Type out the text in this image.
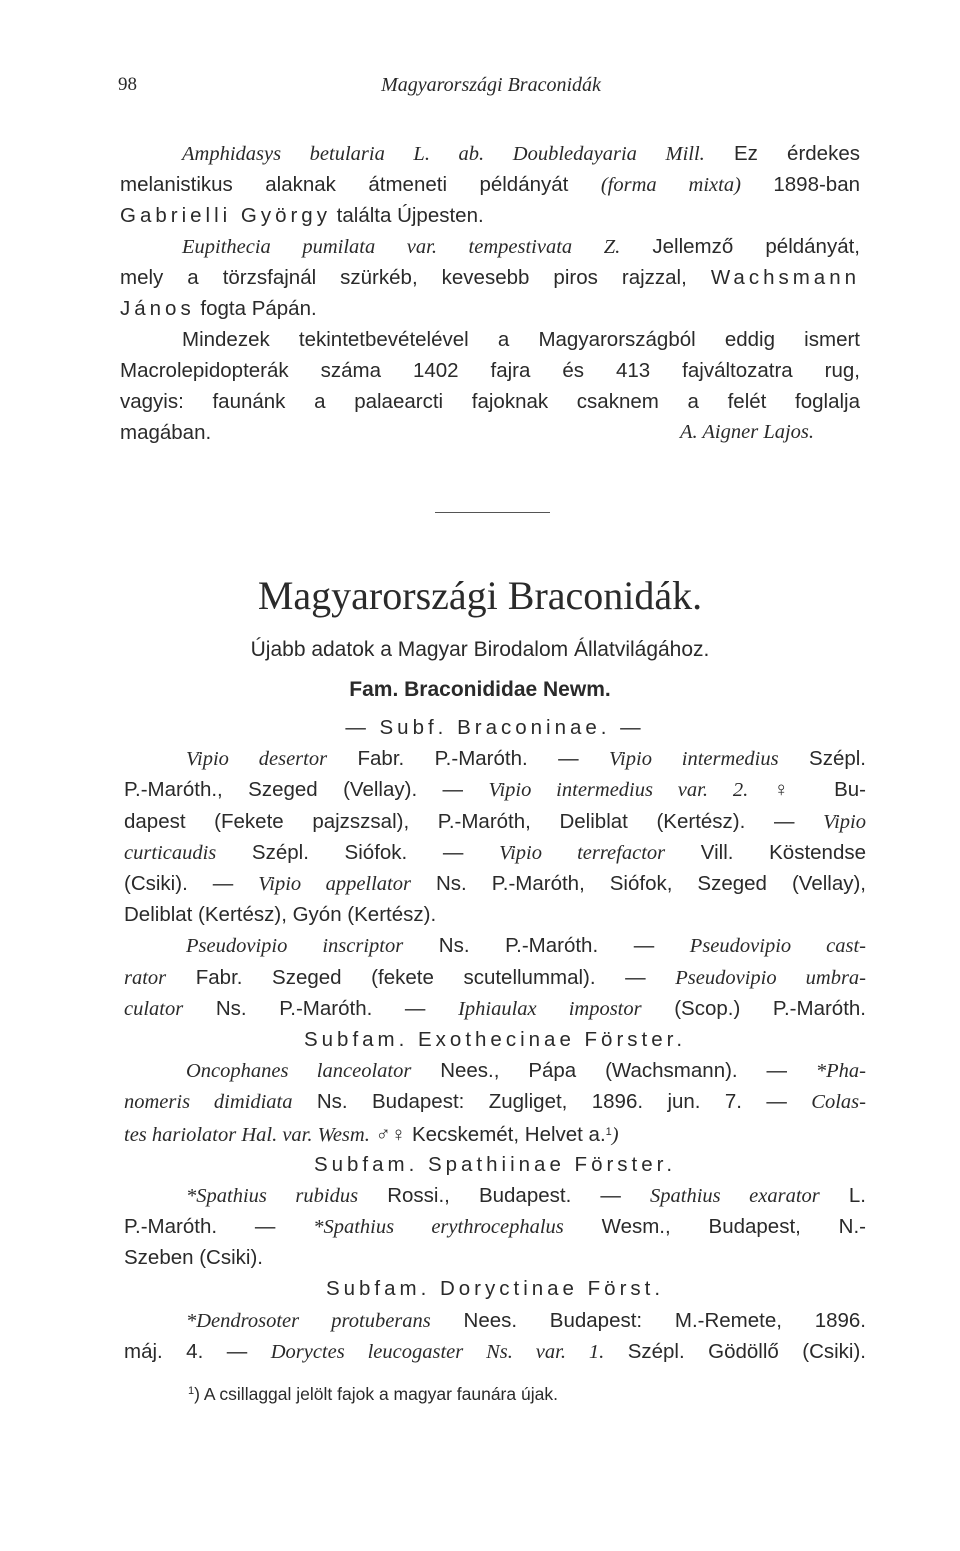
98	Magyarországi Braconidák
Amphidasys betularia L. ab. Doubledayaria Mill. Ez érdekes
melanistikus alaknak átmeneti példányát (forma mixta) 1898-ban
Gabrielli György találta Újpesten.
Eupithecia pumilata var. tempestivata Z. Jellemző példányát,
mely a törzsfajnál szürkéb, kevesebb piros rajzzal, Wachsmann
János fogta Pápán.
Mindezek tekintetbevételével a Magyarországból eddig ismert
Macrolepidopterák száma 1402 fajra és 413 fajváltozatra rug,
vagyis: faunánk a palaearcti fajoknak csaknem a felét foglalja
magában.	A. Aigner Lajos.
Magyarországi Braconidák.
Újabb adatok a Magyar Birodalom Állatvilágához.
Fam. Braconididae Newm.
— Subf. Braconinae. —
Vipio desertor Fabr. P.-Maróth. — Vipio intermedius Szépl.
P.-Maróth., Szeged (Vellay). — Vipio intermedius var. 2. ♀ Bu-
dapest (Fekete pajzszsal), P.-Maróth, Deliblat (Kertész). — Vipio
curticaudis Szépl. Siófok. — Vipio terrefactor Vill. Köstendse
(Csiki). — Vipio appellator Ns. P.-Maróth, Siófok, Szeged (Vellay),
Deliblat (Kertész), Gyón (Kertész).
Pseudovipio inscriptor Ns. P.-Maróth. — Pseudovipio cast-
rator Fabr. Szeged (fekete scutellummal). — Pseudovipio umbra-
culator Ns. P.-Maróth. — Iphiaulax impostor (Scop.) P.-Maróth.
Subfam. Exothecinae Förster.
Oncophanes lanceolator Nees., Pápa (Wachsmann). — *Pha-
nomeris dimidiata Ns. Budapest: Zugliget, 1896. jun. 7. — Colas-
tes hariolator Hal. var. Wesm. ♂♀ Kecskemét, Helvet a.$^1$)
Subfam. Spathiinae Förster.
*Spathius rubidus Rossi., Budapest. — Spathius exarator L.
P.-Maróth. — *Spathius erythrocephalus Wesm., Budapest, N.-
Szeben (Csiki).
Subfam. Doryctinae Först.
*Dendrosoter protuberans Nees. Budapest: M.-Remete, 1896.
máj. 4. — Doryctes leucogaster Ns. var. 1. Szépl. Gödöllő (Csiki).
$^1$) A csillaggal jelölt fajok a magyar faunára újak.
